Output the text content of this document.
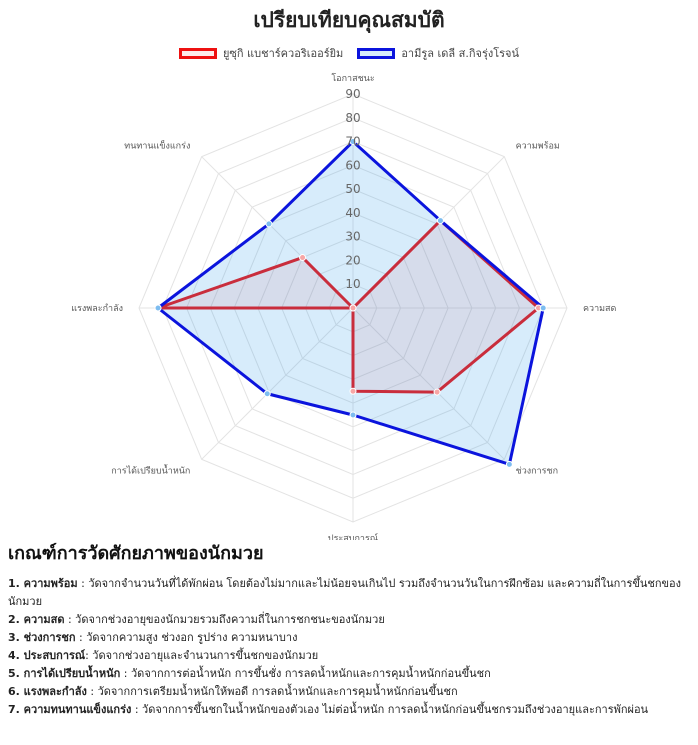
เปรียบเทียบคุณสมบัติ
ยูซุกิ แบชาร์ควอริเออร์ยิม	อามีรูล เดลี ส.กิจรุ่งโรจน์
10
20
30
40
50
60
70
80
90
โอกาสชนะ
ความพร้อม
ความสด
ช่วงการชก
ประสบการณ์
การได้เปรียบน้ำหนัก
แรงพละกำลัง
ทนทานแข็งแกร่ง
เกณฑ์การวัดศักยภาพของนักมวย
1. ความพร้อม : วัดจากจำนวนวันที่ได้พักผ่อน โดยต้องไม่มากและไม่น้อยจนเกินไป รวมถึงจำนวนวันในการฝึกซ้อม และความถี่ในการขึ้นชกของนักมวย
2. ความสด : วัดจากช่วงอายุของนักมวยรวมถึงความถี่ในการชกชนะของนักมวย
3. ช่วงการชก : วัดจากความสูง ช่วงอก รูปร่าง ความหนาบาง
4. ประสบการณ์: วัดจากช่วงอายุและจำนวนการขึ้นชกของนักมวย
5. การได้เปรียบน้ำหนัก : วัดจากการต่อน้ำหนัก การขึ้นชั่ง การลดน้ำหนักและการคุมน้ำหนักก่อนขึ้นชก
6. แรงพละกำลัง : วัดจากการเตรียมน้ำหนักให้พอดี การลดน้ำหนักและการคุมน้ำหนักก่อนขึ้นชก
7. ความทนทานแข็งแกร่ง : วัดจากการขึ้นชกในน้ำหนักของตัวเอง ไม่ต่อน้ำหนัก การลดน้ำหนักก่อนขึ้นชกรวมถึงช่วงอายุและการพักผ่อน
